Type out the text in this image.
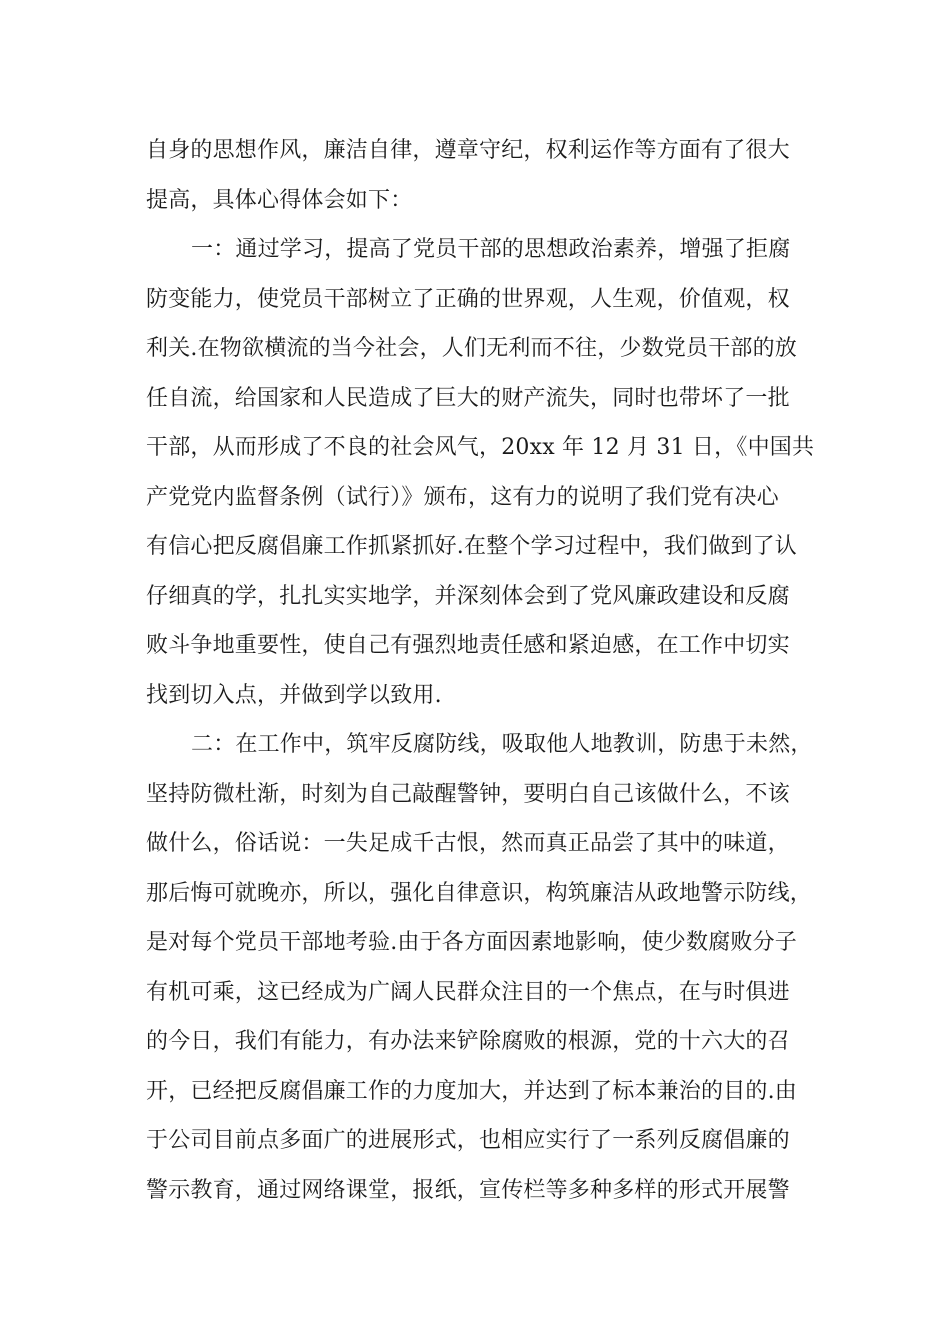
自身的思想作风，廉洁自律，遵章守纪，权利运作等方面有了很大
提高，具体心得体会如下：
一：通过学习，提高了党员干部的思想政治素养，增强了拒腐
防变能力，使党员干部树立了正确的世界观，人生观，价值观，权
利关.在物欲横流的当今社会，人们无利而不往，少数党员干部的放
任自流，给国家和人民造成了巨大的财产流失，同时也带坏了一批
干部，从而形成了不良的社会风气，20xx 年 12 月 31 日，《中国共
产党党内监督条例（试行）》颁布，这有力的说明了我们党有决心
有信心把反腐倡廉工作抓紧抓好.在整个学习过程中，我们做到了认
仔细真的学，扎扎实实地学，并深刻体会到了党风廉政建设和反腐
败斗争地重要性，使自己有强烈地责任感和紧迫感，在工作中切实
找到切入点，并做到学以致用.
二：在工作中，筑牢反腐防线，吸取他人地教训，防患于未然，
坚持防微杜渐，时刻为自己敲醒警钟，要明白自己该做什么，不该
做什么，俗话说：一失足成千古恨，然而真正品尝了其中的味道，
那后悔可就晚亦，所以，强化自律意识，构筑廉洁从政地警示防线，
是对每个党员干部地考验.由于各方面因素地影响，使少数腐败分子
有机可乘，这已经成为广阔人民群众注目的一个焦点，在与时俱进
的今日，我们有能力，有办法来铲除腐败的根源，党的十六大的召
开，已经把反腐倡廉工作的力度加大，并达到了标本兼治的目的.由
于公司目前点多面广的进展形式，也相应实行了一系列反腐倡廉的
警示教育，通过网络课堂，报纸，宣传栏等多种多样的形式开展警
